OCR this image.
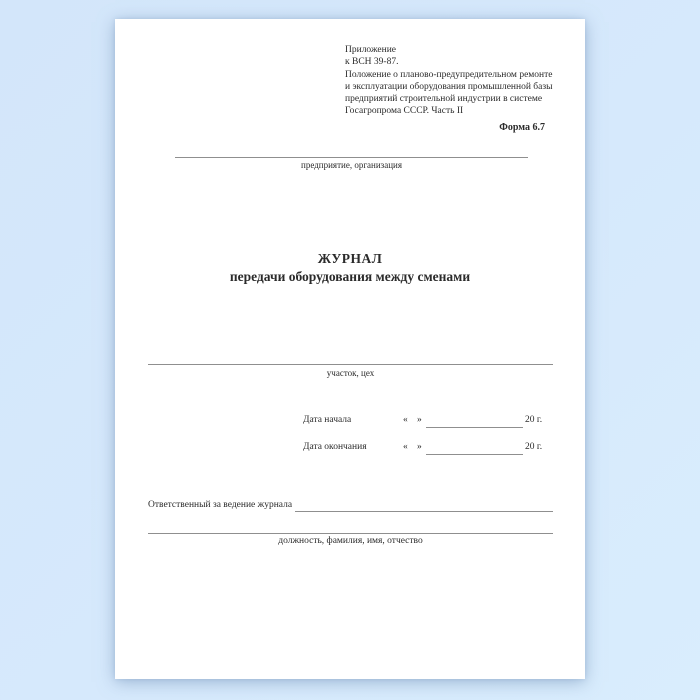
Приложение
к ВСН 39-87.
Положение о планово-предупредительном ремонте
и эксплуатации оборудования промышленной базы
предприятий строительной индустрии в системе
Госагропрома СССР. Часть II
Форма 6.7
предприятие, организация
ЖУРНАЛ
передачи оборудования между сменами
участок, цех
Дата начала	« »	20 г.
Дата окончания	« »	20 г.
Ответственный за ведение журнала
должность, фамилия, имя, отчество
